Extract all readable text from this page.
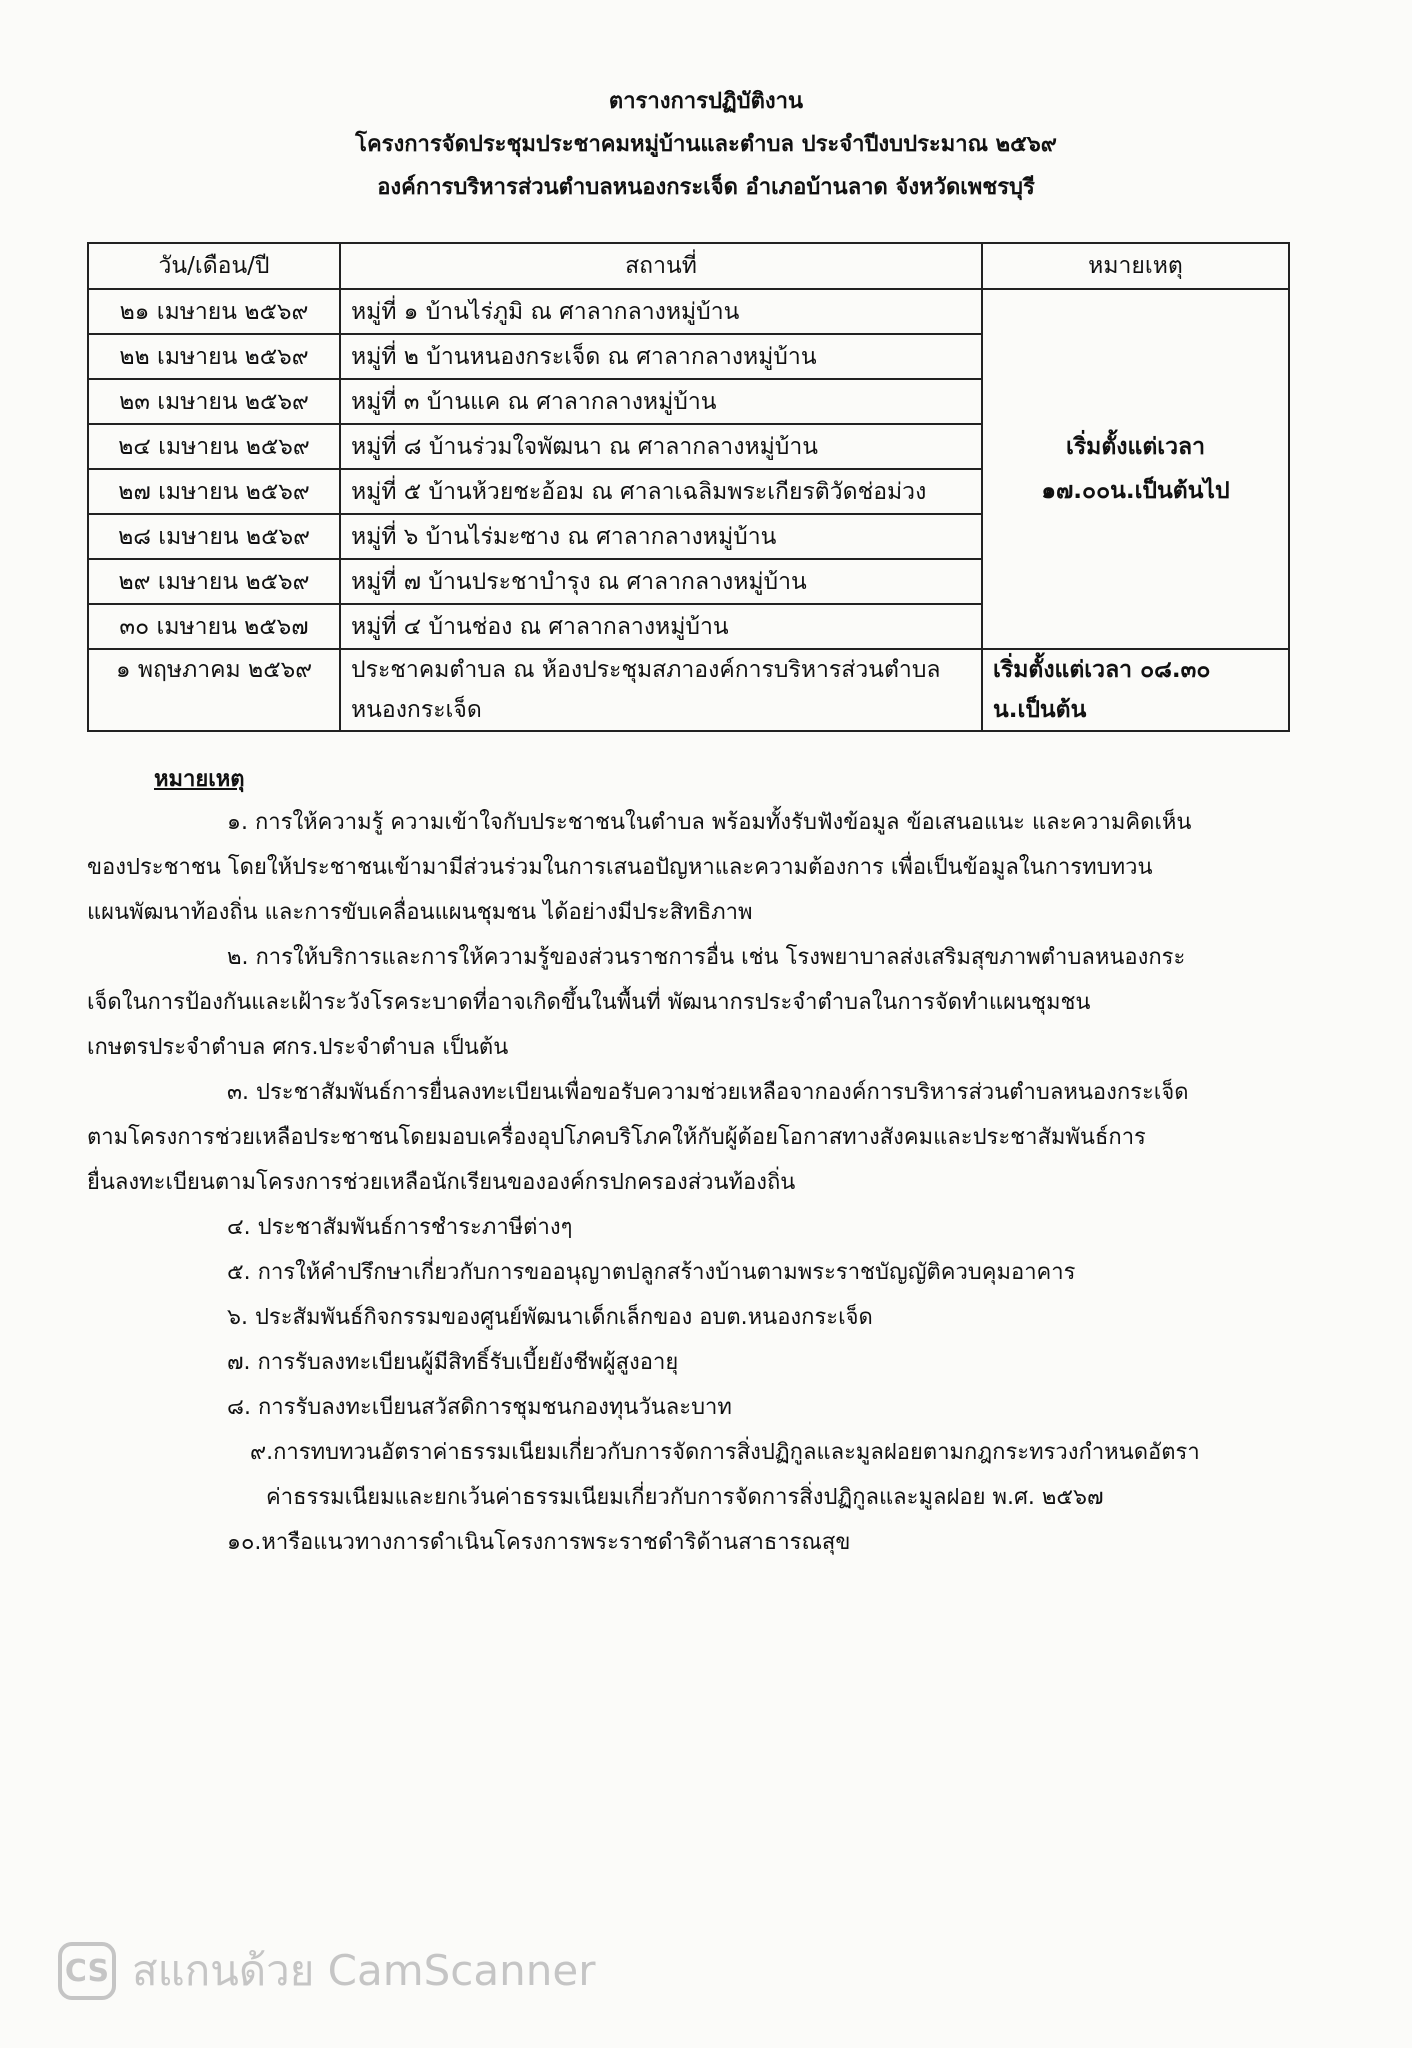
ตารางการปฏิบัติงาน
โครงการจัดประชุมประชาคมหมู่บ้านและตำบล ประจำปีงบประมาณ ๒๕๖๙
องค์การบริหารส่วนตำบลหนองกระเจ็ด อำเภอบ้านลาด จังหวัดเพชรบุรี
วัน/เดือน/ปี	สถานที่	หมายเหตุ
๒๑ เมษายน ๒๕๖๙	หมู่ที่ ๑ บ้านไร่ภูมิ ณ ศาลากลางหมู่บ้าน	เริ่มตั้งแต่เวลา
๑๗.๐๐น.เป็นต้นไป
๒๒ เมษายน ๒๕๖๙	หมู่ที่ ๒ บ้านหนองกระเจ็ด ณ ศาลากลางหมู่บ้าน	
๒๓ เมษายน ๒๕๖๙	หมู่ที่ ๓ บ้านแค ณ ศาลากลางหมู่บ้าน	
๒๔ เมษายน ๒๕๖๙	หมู่ที่ ๘ บ้านร่วมใจพัฒนา ณ ศาลากลางหมู่บ้าน	
๒๗ เมษายน ๒๕๖๙	หมู่ที่ ๕ บ้านห้วยชะอ้อม ณ ศาลาเฉลิมพระเกียรติวัดช่อม่วง	
๒๘ เมษายน ๒๕๖๙	หมู่ที่ ๖ บ้านไร่มะซาง ณ ศาลากลางหมู่บ้าน	
๒๙ เมษายน ๒๕๖๙	หมู่ที่ ๗ บ้านประชาบำรุง ณ ศาลากลางหมู่บ้าน	
๓๐ เมษายน ๒๕๖๗	หมู่ที่ ๔ บ้านช่อง ณ ศาลากลางหมู่บ้าน	
๑ พฤษภาคม ๒๕๖๙	ประชาคมตำบล ณ ห้องประชุมสภาองค์การบริหารส่วนตำบล
หนองกระเจ็ด	เริ่มตั้งแต่เวลา ๐๘.๓๐
น.เป็นต้น
หมายเหตุ
๑. การให้ความรู้ ความเข้าใจกับประชาชนในตำบล พร้อมทั้งรับฟังข้อมูล ข้อเสนอแนะ และความคิดเห็น
ของประชาชน โดยให้ประชาชนเข้ามามีส่วนร่วมในการเสนอปัญหาและความต้องการ เพื่อเป็นข้อมูลในการทบทวน
แผนพัฒนาท้องถิ่น และการขับเคลื่อนแผนชุมชน ได้อย่างมีประสิทธิภาพ
๒. การให้บริการและการให้ความรู้ของส่วนราชการอื่น เช่น โรงพยาบาลส่งเสริมสุขภาพตำบลหนองกระ
เจ็ดในการป้องกันและเฝ้าระวังโรคระบาดที่อาจเกิดขึ้นในพื้นที่ พัฒนากรประจำตำบลในการจัดทำแผนชุมชน
เกษตรประจำตำบล ศกร.ประจำตำบล เป็นต้น
๓. ประชาสัมพันธ์การยื่นลงทะเบียนเพื่อขอรับความช่วยเหลือจากองค์การบริหารส่วนตำบลหนองกระเจ็ด
ตามโครงการช่วยเหลือประชาชนโดยมอบเครื่องอุปโภคบริโภคให้กับผู้ด้อยโอกาสทางสังคมและประชาสัมพันธ์การ
ยื่นลงทะเบียนตามโครงการช่วยเหลือนักเรียนขององค์กรปกครองส่วนท้องถิ่น
๔. ประชาสัมพันธ์การชำระภาษีต่างๆ
๕. การให้คำปรึกษาเกี่ยวกับการขออนุญาตปลูกสร้างบ้านตามพระราชบัญญัติควบคุมอาคาร
๖. ประสัมพันธ์กิจกรรมของศูนย์พัฒนาเด็กเล็กของ อบต.หนองกระเจ็ด
๗. การรับลงทะเบียนผู้มีสิทธิ์รับเบี้ยยังชีพผู้สูงอายุ
๘. การรับลงทะเบียนสวัสดิการชุมชนกองทุนวันละบาท
๙.การทบทวนอัตราค่าธรรมเนียมเกี่ยวกับการจัดการสิ่งปฏิกูลและมูลฝอยตามกฎกระทรวงกำหนดอัตรา
ค่าธรรมเนียมและยกเว้นค่าธรรมเนียมเกี่ยวกับการจัดการสิ่งปฏิกูลและมูลฝอย พ.ศ. ๒๕๖๗
๑๐.หารือแนวทางการดำเนินโครงการพระราชดำริด้านสาธารณสุข
CS สแกนด้วย CamScanner
